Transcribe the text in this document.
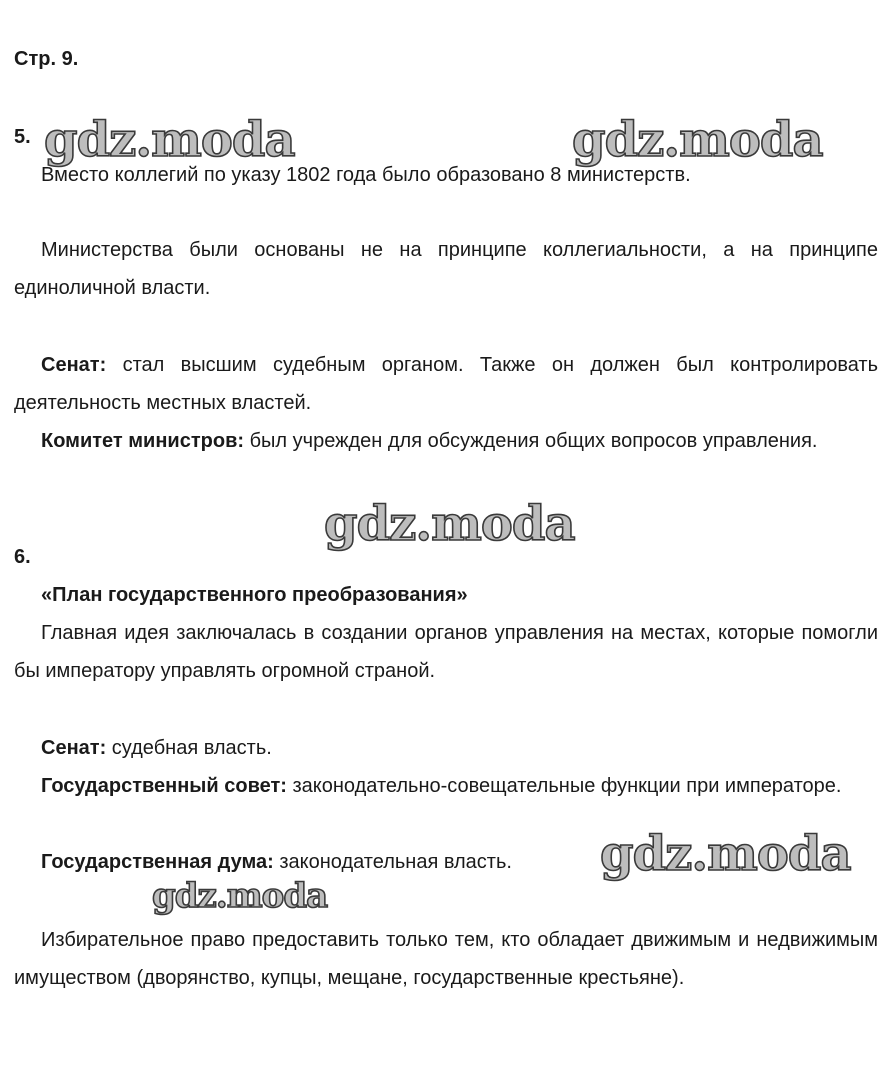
Стр. 9.
gdz.moda	gdz.moda
gdz.moda
gdz.moda
gdz.moda
5.
Вместо коллегий по указу 1802 года было образовано 8 министерств.
Министерства были основаны не на принципе коллегиальности, а на принципе единоличной власти.
Сенат: стал высшим судебным органом. Также он должен был контролировать деятельность местных властей.
Комитет министров: был учрежден для обсуждения общих вопросов управления.
6.
«План государственного преобразования»
Главная идея заключалась в создании органов управления на местах, которые помогли бы императору управлять огромной страной.
Сенат: судебная власть.
Государственный совет: законодательно-совещательные функции при императоре.
Государственная дума: законодательная власть.
Избирательное право предоставить только тем, кто обладает движимым и недвижимым имуществом (дворянство, купцы, мещане, государственные крестьяне).
